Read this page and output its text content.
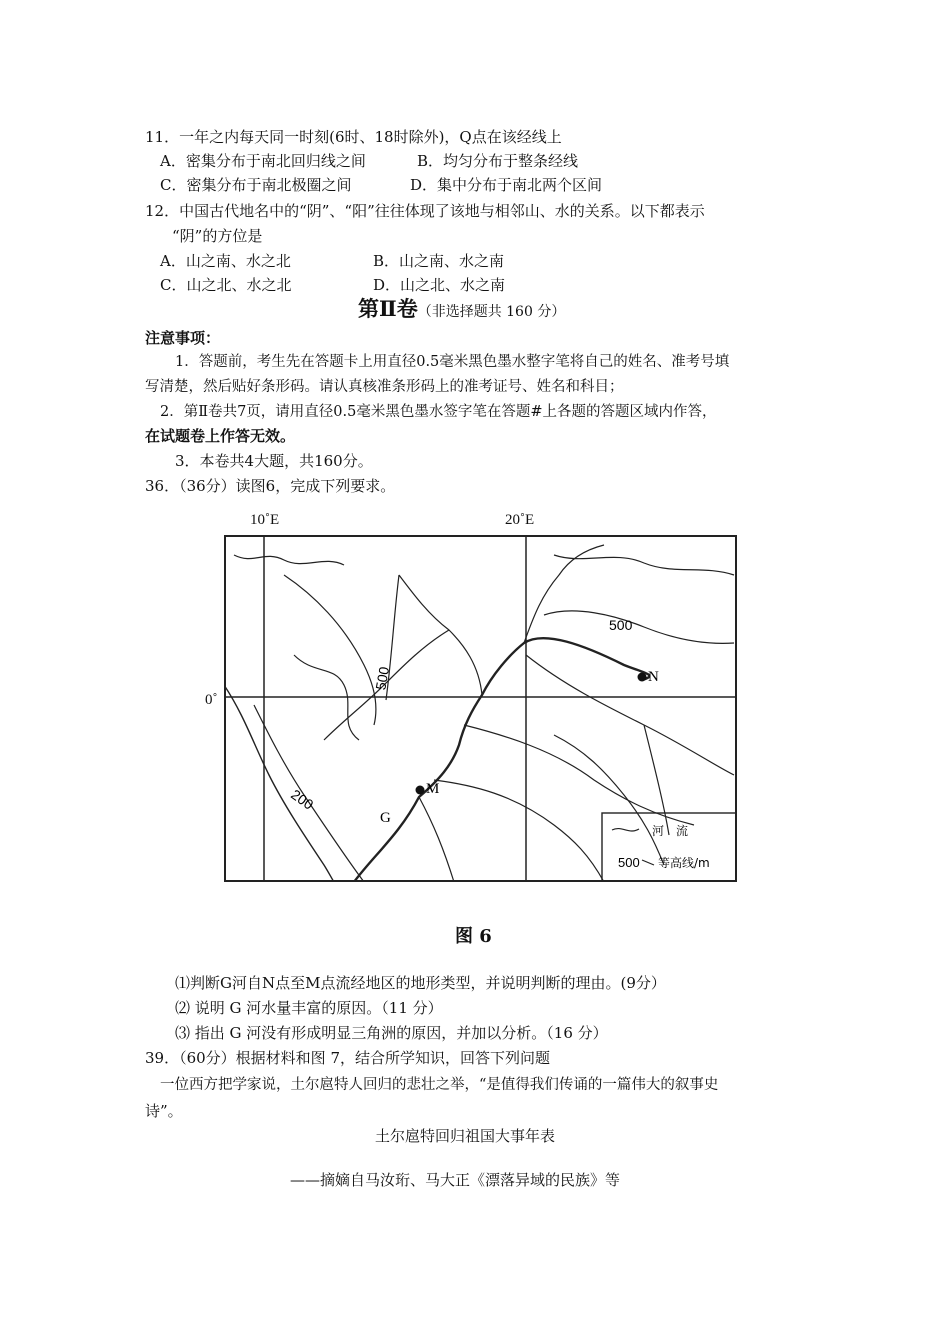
11．一年之内每天同一时刻(6时、18时除外)，Q点在该经线上
A．密集分布于南北回归线之间	B．均匀分布于整条经线
C．密集分布于南北极圈之间	D．集中分布于南北两个区间
12．中国古代地名中的“阴”、“阳”往往体现了该地与相邻山、水的关系。以下都表示
“阴”的方位是
A．山之南、水之北	B．山之南、水之南
C．山之北、水之北	D．山之北、水之南
第Ⅱ卷（非选择题共 160 分）
注意事项：
1．答题前，考生先在答题卡上用直径0.5毫米黑色墨水整字笔将自己的姓名、准考号填
写清楚，然后贴好条形码。请认真核准条形码上的准考证号、姓名和科目；
2．第Ⅱ卷共7页，请用直径0.5毫米黑色墨水签字笔在答题#上各题的答题区域内作答，
在试题卷上作答无效。
3．本卷共4大题，共160分。
36．（36分）读图6，完成下列要求。
10˚E	20˚E
0˚
N
M
G
500
500
200
河　流
500 等高线/m
图 6
⑴判断G河自N点至M点流经地区的地形类型，并说明判断的理由。(9分）
⑵ 说明 G 河水量丰富的原因。（11 分）
⑶ 指出 G 河没有形成明显三角洲的原因，并加以分析。（16 分）
39．（60分）根据材料和图 7，结合所学知识，回答下列问题
一位西方把学家说，土尔扈特人回归的悲壮之举，“是值得我们传诵的一篇伟大的叙事史
诗”。
土尔扈特回归祖国大事年表
——摘嫡自马汝珩、马大正《漂落异域的民族》等
